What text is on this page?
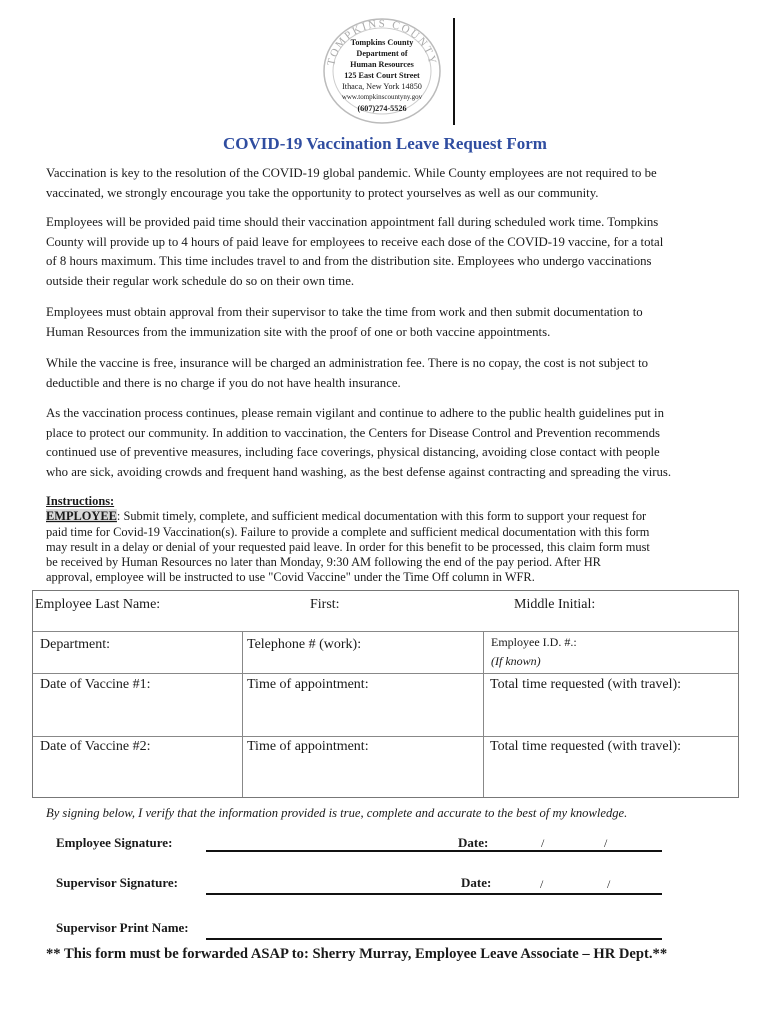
TOMPKINS COUNTY
Tompkins County
Department of
Human Resources
125 East Court Street
Ithaca, New York 14850
www.tompkinscountyny.gov
(607)274-5526
COVID-19 Vaccination Leave Request Form
Vaccination is key to the resolution of the COVID-19 global pandemic. While County employees are not required to be
vaccinated, we strongly encourage you take the opportunity to protect yourselves as well as our community.
Employees will be provided paid time should their vaccination appointment fall during scheduled work time. Tompkins
County will provide up to 4 hours of paid leave for employees to receive each dose of the COVID-19 vaccine, for a total
of 8 hours maximum. This time includes travel to and from the distribution site. Employees who undergo vaccinations
outside their regular work schedule do so on their own time.
Employees must obtain approval from their supervisor to take the time from work and then submit documentation to
Human Resources from the immunization site with the proof of one or both vaccine appointments.
While the vaccine is free, insurance will be charged an administration fee. There is no copay, the cost is not subject to
deductible and there is no charge if you do not have health insurance.
As the vaccination process continues, please remain vigilant and continue to adhere to the public health guidelines put in
place to protect our community. In addition to vaccination, the Centers for Disease Control and Prevention recommends
continued use of preventive measures, including face coverings, physical distancing, avoiding close contact with people
who are sick, avoiding crowds and frequent hand washing, as the best defense against contracting and spreading the virus.
Instructions:
EMPLOYEE: Submit timely, complete, and sufficient medical documentation with this form to support your request for
paid time for Covid-19 Vaccination(s). Failure to provide a complete and sufficient medical documentation with this form
may result in a delay or denial of your requested paid leave. In order for this benefit to be processed, this claim form must
be received by Human Resources no later than Monday, 9:30 AM following the end of the pay period. After HR
approval, employee will be instructed to use "Covid Vaccine" under the Time Off column in WFR.
Employee Last Name:	First:	Middle Initial:
Department:	Telephone # (work):	Employee I.D. #.:
(If known)
Date of Vaccine #1:	Time of appointment:	Total time requested (with travel):
Date of Vaccine #2:	Time of appointment:	Total time requested (with travel):
By signing below, I verify that the information provided is true, complete and accurate to the best of my knowledge.
Employee Signature:	Date:	/	/
Supervisor Signature:	Date:	/	/
Supervisor Print Name:
** This form must be forwarded ASAP to: Sherry Murray, Employee Leave Associate – HR Dept.**
